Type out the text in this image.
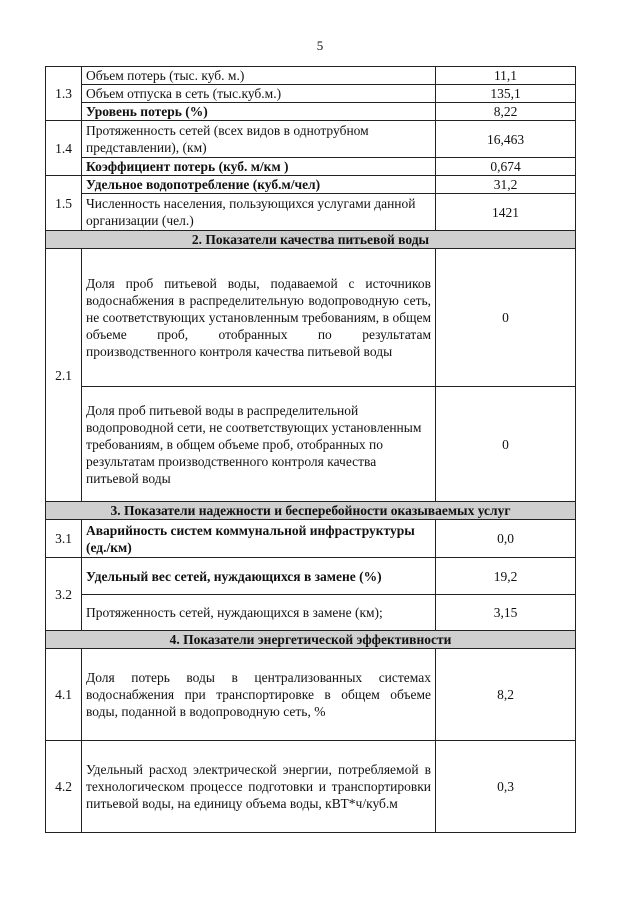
5
1.3	Объем потерь (тыс. куб. м.)	11,1
	Объем отпуска в сеть (тыс.куб.м.)	135,1
	Уровень потерь (%)	8,22
1.4	Протяженность сетей (всех видов в однотрубном представлении), (км)	16,463
	Коэффициент потерь (куб. м/км )	0,674
1.5	Удельное водопотребление (куб.м/чел)	31,2
	Численность населения, пользующихся услугами данной организации (чел.)	1421
2. Показатели качества питьевой воды		
2.1	Доля проб питьевой воды, подаваемой с источников водоснабжения в распределительную водопроводную сеть, не соответствующих установленным требованиям, в общем объеме проб, отобранных по результатам производственного контроля качества питьевой воды	0
	Доля проб питьевой воды в распределительной водопроводной сети, не соответствующих установленным требованиям, в общем объеме проб, отобранных по результатам производственного контроля качества питьевой воды	0
3. Показатели надежности и бесперебойности оказываемых услуг		
3.1	Аварийность систем коммунальной инфраструктуры (ед./км)	0,0
3.2	Удельный вес сетей, нуждающихся в замене (%)	19,2
	Протяженность сетей, нуждающихся в замене (км);	3,15
4. Показатели энергетической эффективности		
4.1	Доля потерь воды в централизованных системах водоснабжения при транспортировке в общем объеме воды, поданной в водопроводную сеть, %	8,2
4.2	Удельный расход электрической энергии, потребляемой в технологическом процессе подготовки и транспортировки питьевой воды, на единицу объема воды, кВТ*ч/куб.м	0,3
